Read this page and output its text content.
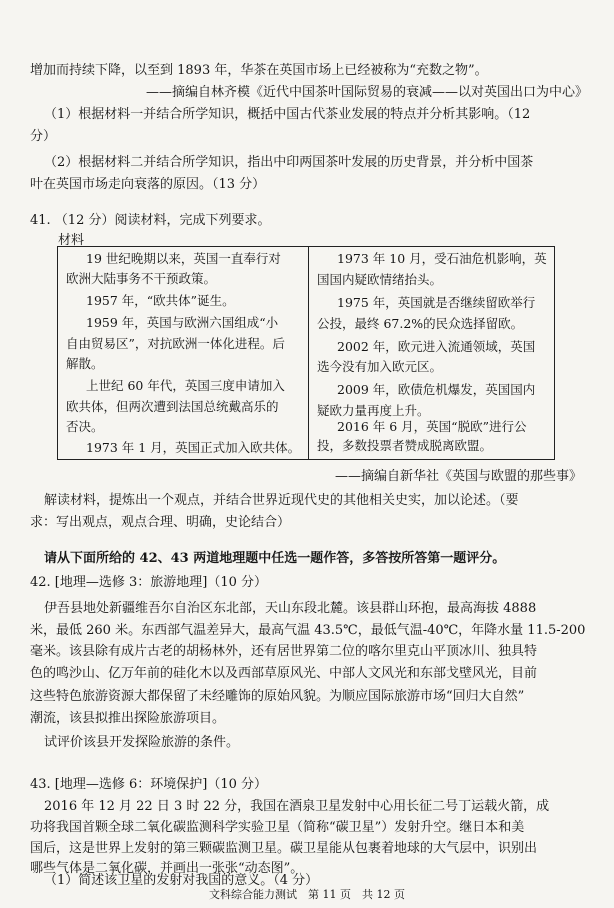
增加而持续下降，以至到 1893 年，华茶在英国市场上已经被称为“充数之物”。
——摘编自林齐模《近代中国茶叶国际贸易的衰减——以对英国出口为中心》
（1）根据材料一并结合所学知识，概括中国古代茶业发展的特点并分析其影响。（12
分）
（2）根据材料二并结合所学知识，指出中印两国茶叶发展的历史背景，并分析中国茶
叶在英国市场走向衰落的原因。（13 分）
41. （12 分）阅读材料，完成下列要求。
材料
19 世纪晚期以来，英国一直奉行对
欧洲大陆事务不干预政策。
1957 年，“欧共体”诞生。
1959 年，英国与欧洲六国组成“小
自由贸易区”，对抗欧洲一体化进程。后
解散。
上世纪 60 年代，英国三度申请加入
欧共体，但两次遭到法国总统戴高乐的
否决。
1973 年 1 月，英国正式加入欧共体。
1973 年 10 月，受石油危机影响，英
国国内疑欧情绪抬头。
1975 年，英国就是否继续留欧举行
公投，最终 67.2%的民众选择留欧。
2002 年，欧元进入流通领域，英国
选今没有加入欧元区。
2009 年，欧债危机爆发，英国国内
疑欧力量再度上升。
2016 年 6 月，英国“脱欧”进行公
投，多数投票者赞成脱离欧盟。
——摘编自新华社《英国与欧盟的那些事》
解读材料，提炼出一个观点，并结合世界近现代史的其他相关史实，加以论述。（要
求：写出观点，观点合理、明确，史论结合）
请从下面所给的 42、43 两道地理题中任选一题作答，多答按所答第一题评分。
42. [地理—选修 3：旅游地理]（10 分）
伊吾县地处新疆维吾尔自治区东北部，天山东段北麓。该县群山环抱，最高海拔 4888
米，最低 260 米。东西部气温差异大，最高气温 43.5℃，最低气温-40℃，年降水量 11.5-200
毫米。该县除有成片古老的胡杨林外，还有居世界第二位的喀尔里克山平顶冰川、独具特
色的鸣沙山、亿万年前的硅化木以及西部草原风光、中部人文风光和东部戈壁风光，目前
这些特色旅游资源大都保留了未经雕饰的原始风貌。为顺应国际旅游市场“回归大自然”
潮流，该县拟推出探险旅游项目。
试评价该县开发探险旅游的条件。
43. [地理—选修 6：环境保护]（10 分）
2016 年 12 月 22 日 3 时 22 分，我国在酒泉卫星发射中心用长征二号丁运载火箭，成
功将我国首颗全球二氧化碳监测科学实验卫星（简称“碳卫星”）发射升空。继日本和美
国后，这是世界上发射的第三颗碳监测卫星。碳卫星能从包裹着地球的大气层中，识别出
哪些气体是二氧化碳，并画出一张张“动态图”。
（1）简述该卫星的发射对我国的意义。（4 分）
文科综合能力测试　第 11 页　共 12 页
